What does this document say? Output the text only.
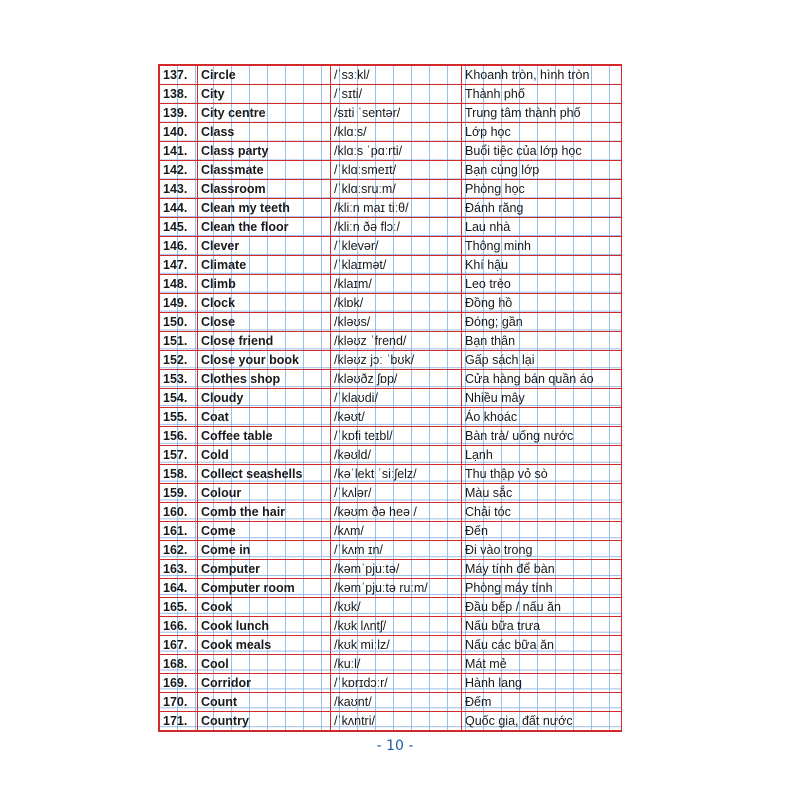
137.	Circle	/ˈsɜːkl/	Khoanh tròn, hình tròn
138.	City	/ˈsɪti/	Thành phố
139.	City centre	/sɪti ˈsentər/	Trung tâm thành phố
140.	Class	/klɑːs/	Lớp học
141.	Class party	/klɑːs ˈpɑːrti/	Buổi tiệc của lớp học
142.	Classmate	/ˈklɑːsmeɪt/	Bạn cùng lớp
143.	Classroom	/ˈklɑːsruːm/	Phòng học
144.	Clean my teeth	/kliːn maɪ tiːθ/	Đánh răng
145.	Clean the floor	/kliːn ðə flɔː/	Lau nhà
146.	Clever	/ˈklevər/	Thông minh
147.	Climate	/ˈklaɪmət/	Khí hậu
148.	Climb	/klaɪm/	Leo trèo
149.	Clock	/klɒk/	Đồng hồ
150.	Close	/kləʊs/	Đóng; gần
151.	Close friend	/kləʊz ˈfrend/	Bạn thân
152.	Close your book	/kləʊz jɔː ˈbʊk/	Gấp sách lại
153.	Clothes shop	/kləʊðz ʃɒp/	Cửa hàng bán quần áo
154.	Cloudy	/ˈklaʊdi/	Nhiều mây
155.	Coat	/kəʊt/	Áo khoác
156.	Coffee table	/ˈkɒfi teɪbl/	Bàn trà/ uống nước
157.	Cold	/kəʊld/	Lạnh
158.	Collect seashells	/kəˈlekt ˈsiːʃelz/	Thu thập vỏ sò
159.	Colour	/ˈkʌlər/	Màu sắc
160.	Comb the hair	/kəʊm ðə heə /	Chải tóc
161.	Come	/kʌm/	Đến
162.	Come in	/ˈkʌm ɪn/	Đi vào trong
163.	Computer	/kəmˈpjuːtə/	Máy tính để bàn
164.	Computer room	/kəmˈpjuːtə ruːm/	Phòng máy tính
165.	Cook	/kʊk/	Đầu bếp / nấu ăn
166.	Cook lunch	/kʊk lʌntʃ/	Nấu bữa trưa
167.	Cook meals	/kʊk miːlz/	Nấu các bữa ăn
168.	Cool	/kuːl/	Mát mẻ
169.	Corridor	/ˈkɒrɪdɔːr/	Hành lang
170.	Count	/kaʊnt/	Đếm
171.	Country	/ˈkʌntri/	Quốc gia, đất nước
- 10 -
